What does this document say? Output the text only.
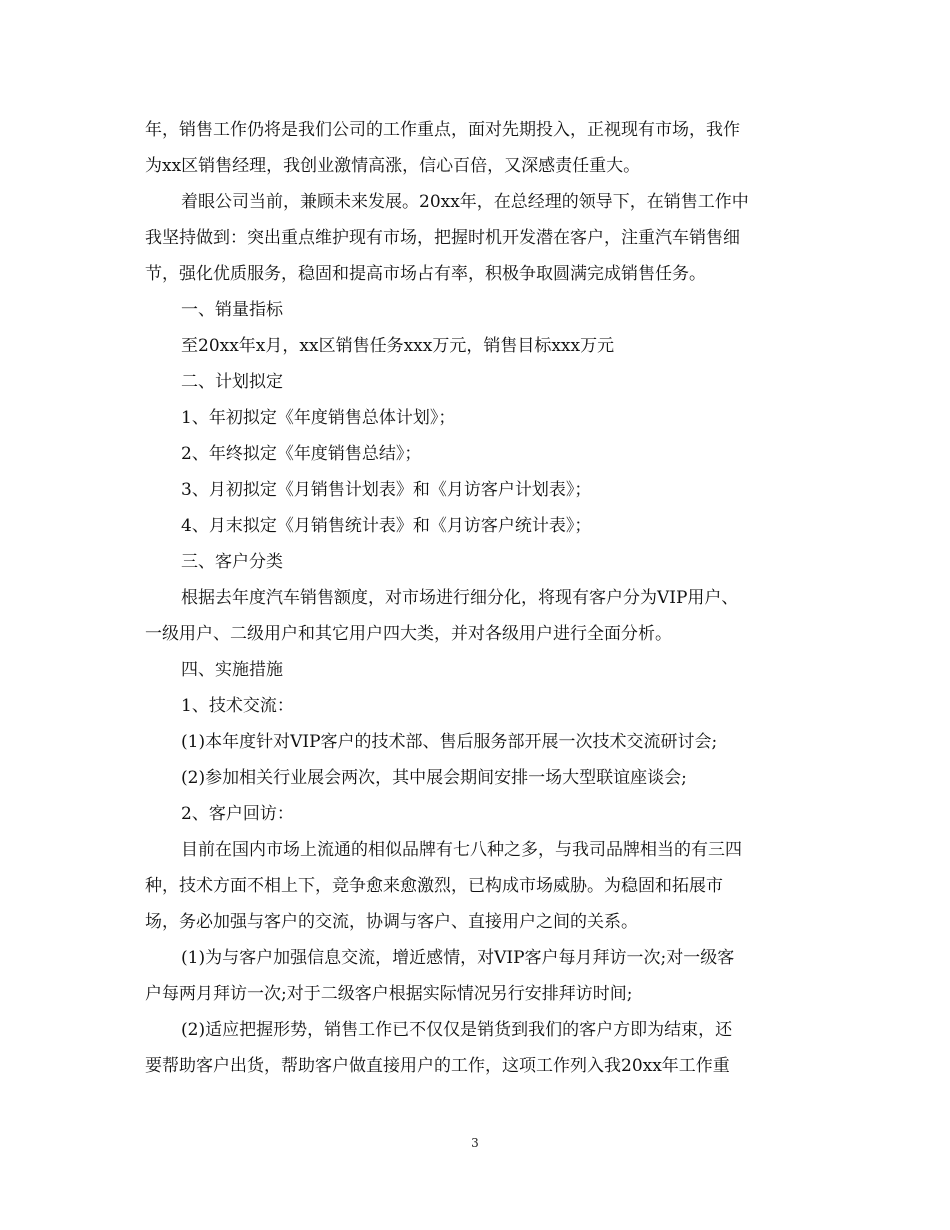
年，销售工作仍将是我们公司的工作重点，面对先期投入，正视现有市场，我作
为xx区销售经理，我创业激情高涨，信心百倍，又深感责任重大。
着眼公司当前，兼顾未来发展。20xx年，在总经理的领导下，在销售工作中
我坚持做到：突出重点维护现有市场，把握时机开发潜在客户，注重汽车销售细
节，强化优质服务，稳固和提高市场占有率，积极争取圆满完成销售任务。
一、销量指标
至20xx年x月，xx区销售任务xxx万元，销售目标xxx万元
二、计划拟定
1、年初拟定《年度销售总体计划》；
2、年终拟定《年度销售总结》；
3、月初拟定《月销售计划表》和《月访客户计划表》；
4、月末拟定《月销售统计表》和《月访客户统计表》；
三、客户分类
根据去年度汽车销售额度，对市场进行细分化，将现有客户分为VIP用户、
一级用户、二级用户和其它用户四大类，并对各级用户进行全面分析。
四、实施措施
1、技术交流：
(1)本年度针对VIP客户的技术部、售后服务部开展一次技术交流研讨会;
(2)参加相关行业展会两次，其中展会期间安排一场大型联谊座谈会;
2、客户回访：
目前在国内市场上流通的相似品牌有七八种之多，与我司品牌相当的有三四
种，技术方面不相上下，竞争愈来愈激烈，已构成市场威胁。为稳固和拓展市
场，务必加强与客户的交流，协调与客户、直接用户之间的关系。
(1)为与客户加强信息交流，增近感情，对VIP客户每月拜访一次;对一级客
户每两月拜访一次;对于二级客户根据实际情况另行安排拜访时间;
(2)适应把握形势，销售工作已不仅仅是销货到我们的客户方即为结束，还
要帮助客户出货，帮助客户做直接用户的工作，这项工作列入我20xx年工作重
3
